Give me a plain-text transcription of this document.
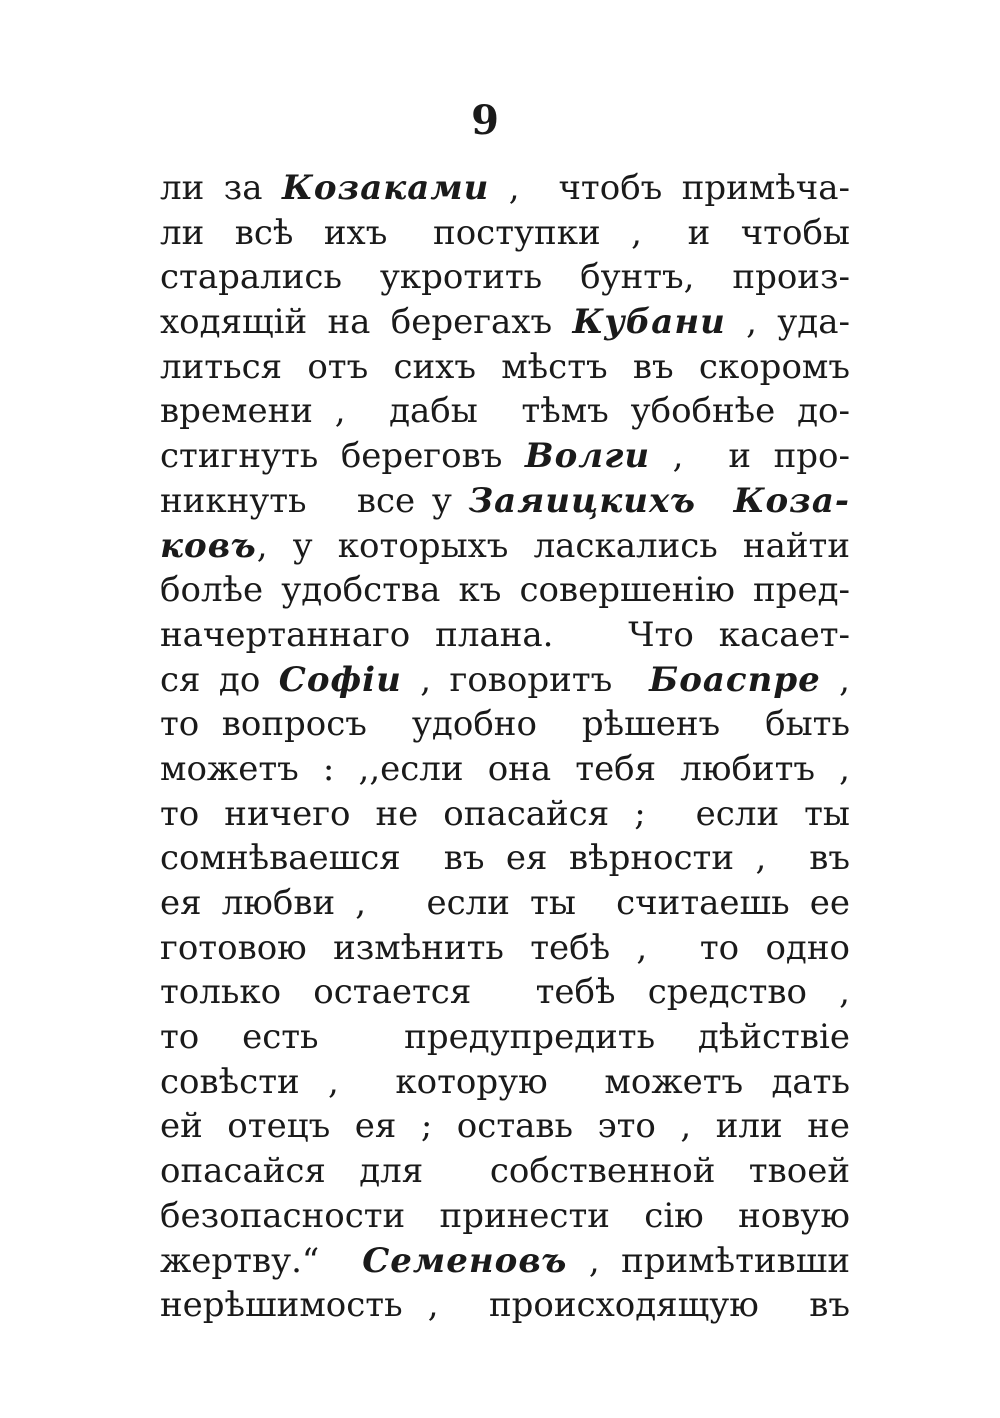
9
ли за Козаками ,  чтобъ примѣча-
ли  всѣ  ихъ   поступки  ,   и  чтобы
старались укротить бунтъ, произ-
ходящій на берегахъ Кубани , уда-
литься отъ сихъ мѣстъ въ скоромъ
времени ,  дабы  тѣмъ убобнѣе до-
стигнуть береговъ Волги ,  и про-
никнуть   все у Заяицкихъ  Коза-
ковъ, у которыхъ ласкались найти
болѣе удобства къ совершенію пред-
начертаннаго плана.   Что касает-
ся до Софіи , говоритъ  Боаспре ,
то вопросъ  удобно  рѣшенъ  быть
можетъ : ,,если она тебя любитъ ,
то ничего не опасайся ;  если ты
сомнѣваешся  въ ея вѣрности ,  въ
ея любви ,   если ты  считаешь ее
готовою измѣнить тебѣ ,  то одно
только остается  тебѣ средство ,
то есть  предупредить дѣйствіе
совѣсти ,  которую  можетъ дать
ей отецъ ея ; оставь это , или не
опасайся для  собственной твоей
безопасности принести сію новую
жертву.“  Семеновъ , примѣтивши
нерѣшимость ,  происходящую  въ
